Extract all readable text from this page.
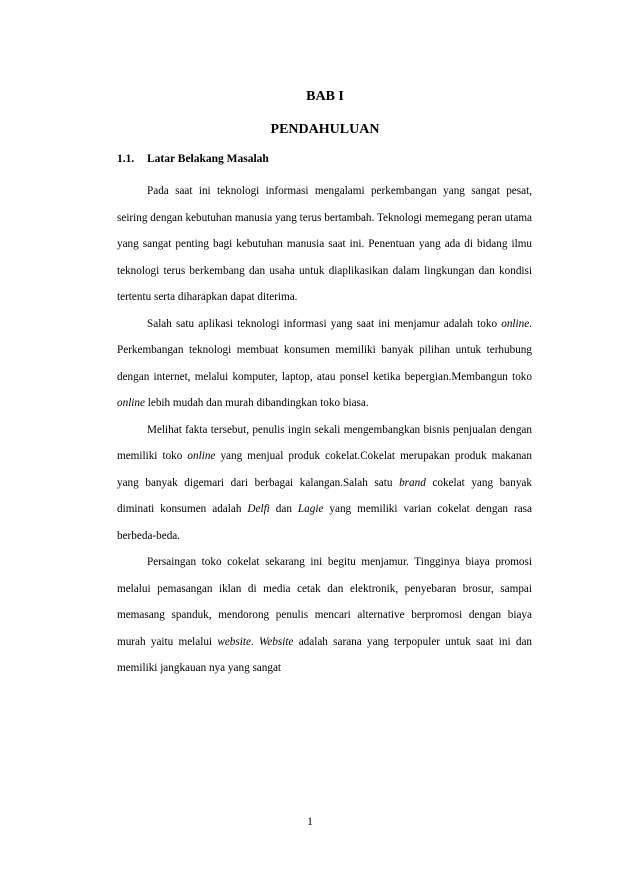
BAB I
PENDAHULUAN
1.1. Latar Belakang Masalah

Pada saat ini teknologi informasi mengalami perkembangan yang sangat pesat, seiring dengan kebutuhan manusia yang terus bertambah. Teknologi memegang peran utama yang sangat penting bagi kebutuhan manusia saat ini. Penentuan yang ada di bidang ilmu teknologi terus berkembang dan usaha untuk diaplikasikan dalam lingkungan dan kondisi tertentu serta diharapkan dapat diterima.

Salah satu aplikasi teknologi informasi yang saat ini menjamur adalah toko online. Perkembangan teknologi membuat konsumen memiliki banyak pilihan untuk terhubung dengan internet, melalui komputer, laptop, atau ponsel ketika bepergian.Membangun toko online lebih mudah dan murah dibandingkan toko biasa.

Melihat fakta tersebut, penulis ingin sekali mengembangkan bisnis penjualan dengan memiliki toko online yang menjual produk cokelat.Cokelat merupakan produk makanan yang banyak digemari dari berbagai kalangan.Salah satu brand cokelat yang banyak diminati konsumen adalah Delfi dan Lagie yang memiliki varian cokelat dengan rasa berbeda-beda.

Persaingan toko cokelat sekarang ini begitu menjamur. Tingginya biaya promosi melalui pemasangan iklan di media cetak dan elektronik, penyebaran brosur, sampai memasang spanduk, mendorong penulis mencari alternative berpromosi dengan biaya murah yaitu melalui website. Website adalah sarana yang terpopuler untuk saat ini dan memiliki jangkauan nya yang sangat

1
